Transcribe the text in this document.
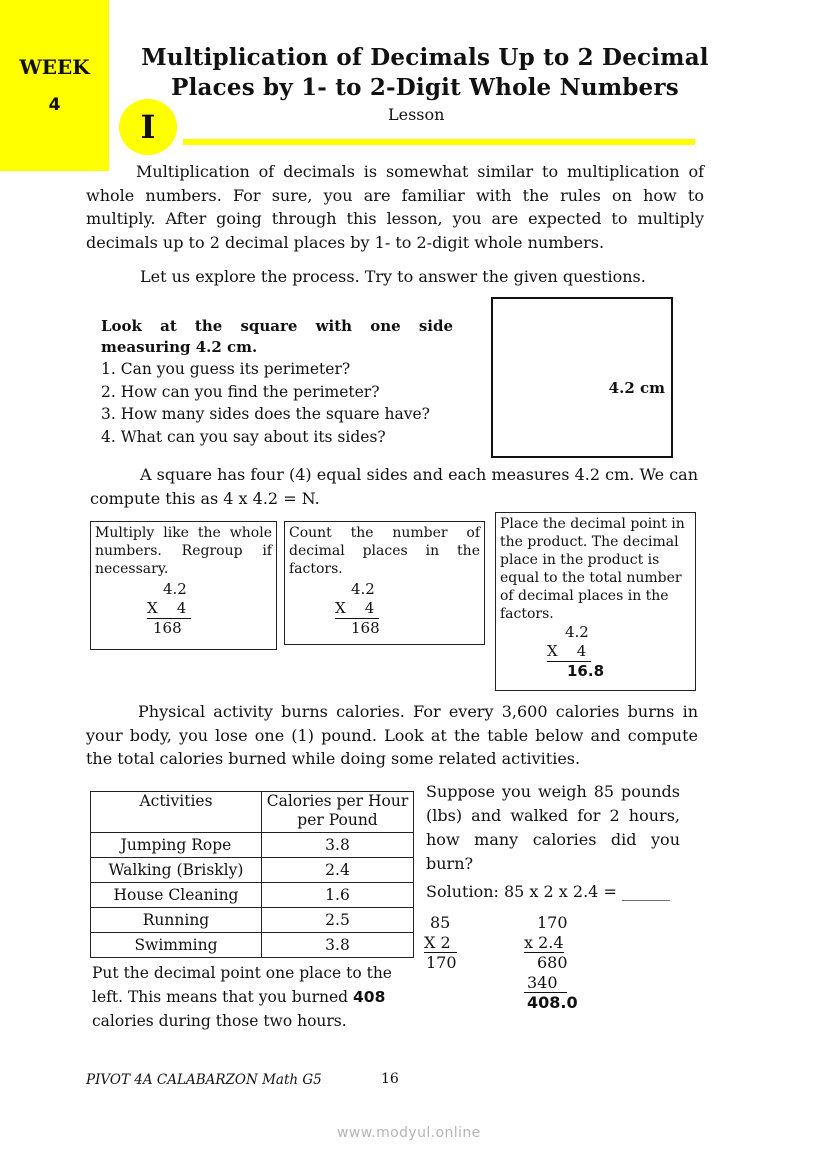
WEEK
4
Multiplication of Decimals Up to 2 Decimal
Places by 1- to 2-Digit Whole Numbers
I	Lesson
Multiplication of decimals is somewhat similar to multiplication of whole numbers. For sure, you are familiar with the rules on how to multiply. After going through this lesson, you are expected to multiply decimals up to 2 decimal places by 1- to 2-digit whole numbers.
Let us explore the process. Try to answer the given questions.
Look at the square with one side measuring 4.2 cm.
1. Can you guess its perimeter?
2. How can you find the perimeter?
3. How many sides does the square have?
4. What can you say about its sides?
4.2 cm
A square has four (4) equal sides and each measures 4.2 cm. We can compute this as 4 x 4.2 = N.
Multiply like the whole numbers. Regroup if necessary.
4.2
X    4
168
Count the number of decimal places in the factors.
4.2
X    4
168
Place the decimal point in the product. The decimal place in the product is equal to the total number of decimal places in the factors.
4.2
X    4
16.8
Physical activity burns calories. For every 3,600 calories burns in your body, you lose one (1) pound. Look at the table below and compute the total calories burned while doing some related activities.
Activities	Calories per Hour per Pound
Jumping Rope	3.8
Walking (Briskly)	2.4
House Cleaning	1.6
Running	2.5
Swimming	3.8
Suppose you weigh 85 pounds (lbs) and walked for 2 hours, how many calories did you burn?
Solution: 85 x 2 x 2.4 = ______
85
X 2
170
170
x 2.4
680
340
408.0
Put the decimal point one place to the left. This means that you burned 408 calories during those two hours.
PIVOT 4A CALABARZON Math G5	16
www.modyul.online
